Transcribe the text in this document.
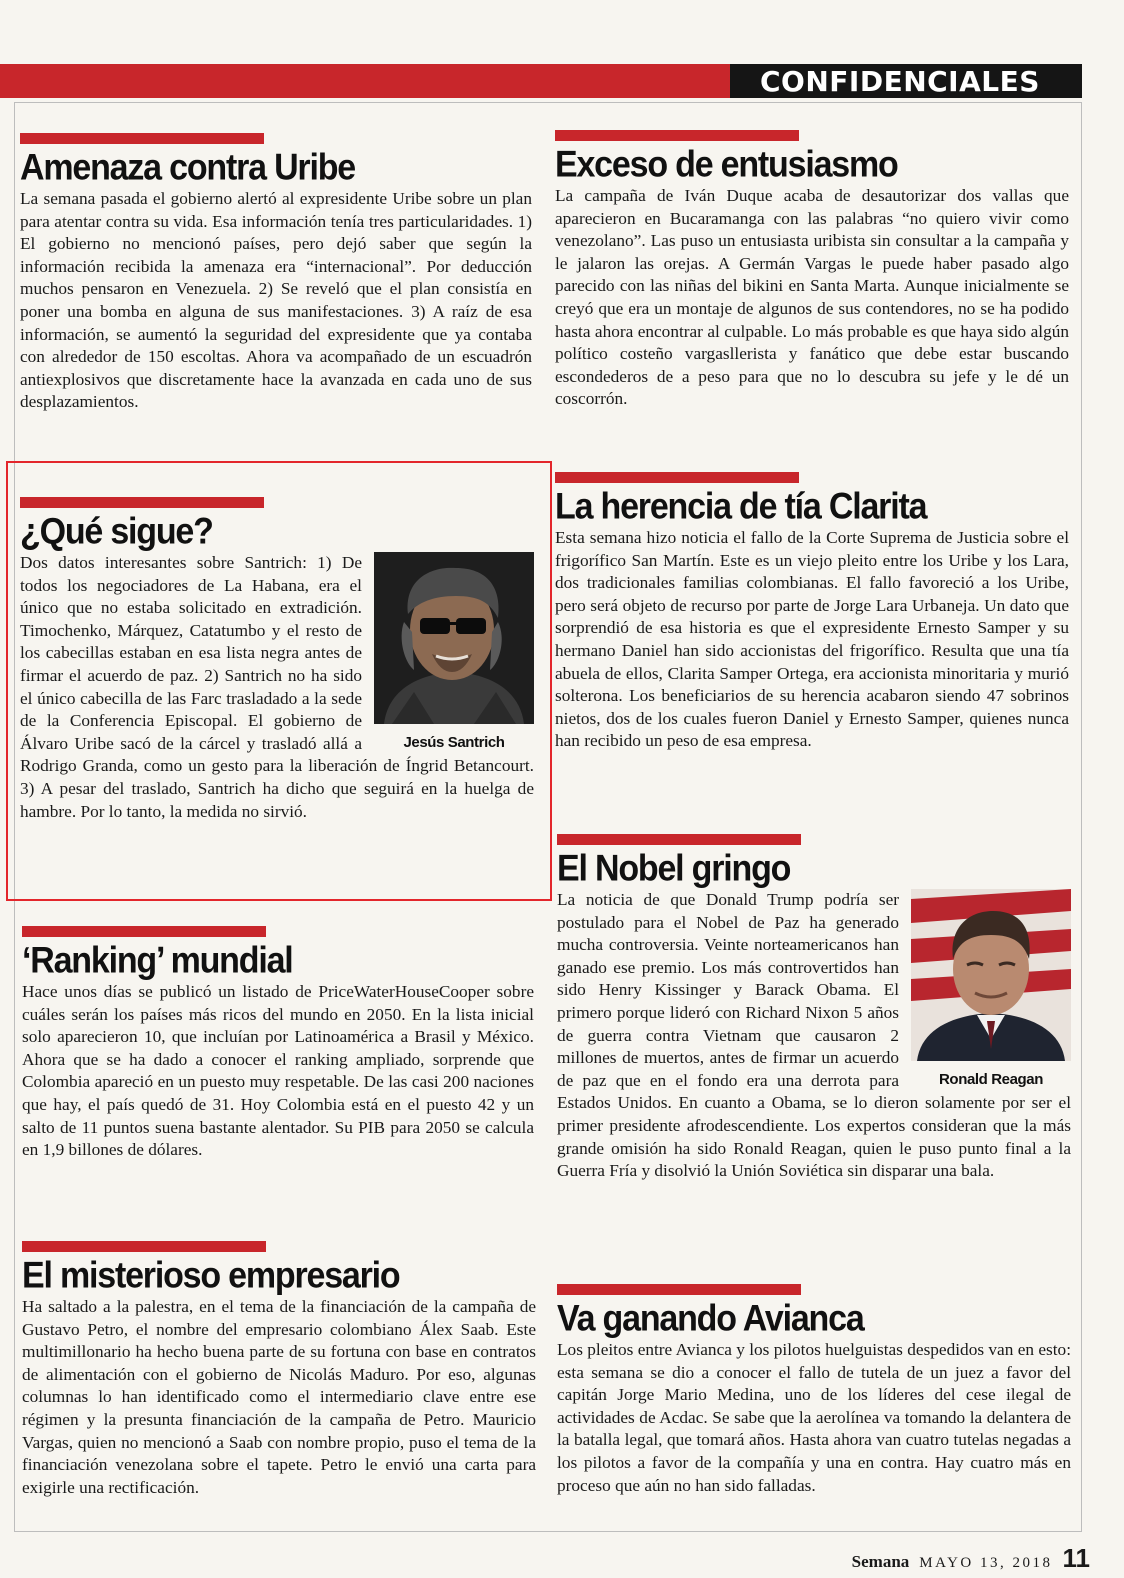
CONFIDENCIALES
Amenaza contra Uribe

La semana pasada el gobierno alertó al expresidente Uribe sobre un plan para atentar contra su vida. Esa información tenía tres particularidades. 1) El gobierno no mencionó países, pero dejó saber que según la información recibida la amenaza era “internacional”. Por deducción muchos pensaron en Venezuela. 2) Se reveló que el plan consistía en poner una bomba en alguna de sus manifestaciones. 3) A raíz de esa información, se aumentó la seguridad del expresidente que ya contaba con alrededor de 150 escoltas. Ahora va acompañado de un escuadrón antiexplosivos que discretamente hace la avanzada en cada uno de sus desplazamientos.

¿Qué sigue?
Jesús Santrich

Dos datos interesantes sobre Santrich: 1) De todos los negociadores de La Habana, era el único que no estaba solicitado en extradición. Timochenko, Márquez, Catatumbo y el resto de los cabecillas estaban en esa lista negra antes de firmar el acuerdo de paz. 2) Santrich no ha sido el único cabecilla de las Farc trasladado a la sede de la Conferencia Episcopal. El gobierno de Álvaro Uribe sacó de la cárcel y trasladó allá a Rodrigo Granda, como un gesto para la liberación de Íngrid Betancourt. 3) A pesar del traslado, Santrich ha dicho que seguirá en la huelga de hambre. Por lo tanto, la medida no sirvió.

‘Ranking’ mundial

Hace unos días se publicó un listado de PriceWaterHouseCooper sobre cuáles serán los países más ricos del mundo en 2050. En la lista inicial solo aparecieron 10, que incluían por Latinoamérica a Brasil y México. Ahora que se ha dado a conocer el ranking ampliado, sorprende que Colombia apareció en un puesto muy respetable. De las casi 200 naciones que hay, el país quedó de 31. Hoy Colombia está en el puesto 42 y un salto de 11 puntos suena bastante alentador. Su PIB para 2050 se calcula en 1,9 billones de dólares.

El misterioso empresario

Ha saltado a la palestra, en el tema de la financiación de la campaña de Gustavo Petro, el nombre del empresario colombiano Álex Saab. Este multimillonario ha hecho buena parte de su fortuna con base en contratos de alimentación con el gobierno de Nicolás Maduro. Por eso, algunas columnas lo han identificado como el intermediario clave entre ese régimen y la presunta financiación de la campaña de Petro. Mauricio Vargas, quien no mencionó a Saab con nombre propio, puso el tema de la financiación venezolana sobre el tapete. Petro le envió una carta para exigirle una rectificación.

Exceso de entusiasmo

La campaña de Iván Duque acaba de desautorizar dos vallas que aparecieron en Bucaramanga con las palabras “no quiero vivir como venezolano”. Las puso un entusiasta uribista sin consultar a la campaña y le jalaron las orejas. A Germán Vargas le puede haber pasado algo parecido con las niñas del bikini en Santa Marta. Aunque inicialmente se creyó que era un montaje de algunos de sus contendores, no se ha podido hasta ahora encontrar al culpable. Lo más probable es que haya sido algún político costeño vargasllerista y fanático que debe estar buscando escondederos de a peso para que no lo descubra su jefe y le dé un coscorrón.

La herencia de tía Clarita

Esta semana hizo noticia el fallo de la Corte Suprema de Justicia sobre el frigorífico San Martín. Este es un viejo pleito entre los Uribe y los Lara, dos tradicionales familias colombianas. El fallo favoreció a los Uribe, pero será objeto de recurso por parte de Jorge Lara Urbaneja. Un dato que sorprendió de esa historia es que el expresidente Ernesto Samper y su hermano Daniel han sido accionistas del frigorífico. Resulta que una tía abuela de ellos, Clarita Samper Ortega, era accionista minoritaria y murió solterona. Los beneficiarios de su herencia acabaron siendo 47 sobrinos nietos, dos de los cuales fueron Daniel y Ernesto Samper, quienes nunca han recibido un peso de esa empresa.

El Nobel gringo
Ronald Reagan

La noticia de que Donald Trump podría ser postulado para el Nobel de Paz ha generado mucha controversia. Veinte norteamericanos han ganado ese premio. Los más controvertidos han sido Henry Kissinger y Barack Obama. El primero porque lideró con Richard Nixon 5 años de guerra contra Vietnam que causaron 2 millones de muertos, antes de firmar un acuerdo de paz que en el fondo era una derrota para Estados Unidos. En cuanto a Obama, se lo dieron solamente por ser el primer presidente afrodescendiente. Los expertos consideran que la más grande omisión ha sido Ronald Reagan, quien le puso punto final a la Guerra Fría y disolvió la Unión Soviética sin disparar una bala.

Va ganando Avianca

Los pleitos entre Avianca y los pilotos huelguistas despedidos van en esto: esta semana se dio a conocer el fallo de tutela de un juez a favor del capitán Jorge Mario Medina, uno de los líderes del cese ilegal de actividades de Acdac. Se sabe que la aerolínea va tomando la delantera de la batalla legal, que tomará años. Hasta ahora van cuatro tutelas negadas a los pilotos a favor de la compañía y una en contra. Hay cuatro más en proceso que aún no han sido falladas.

Semana MAYO 13, 2018 11
